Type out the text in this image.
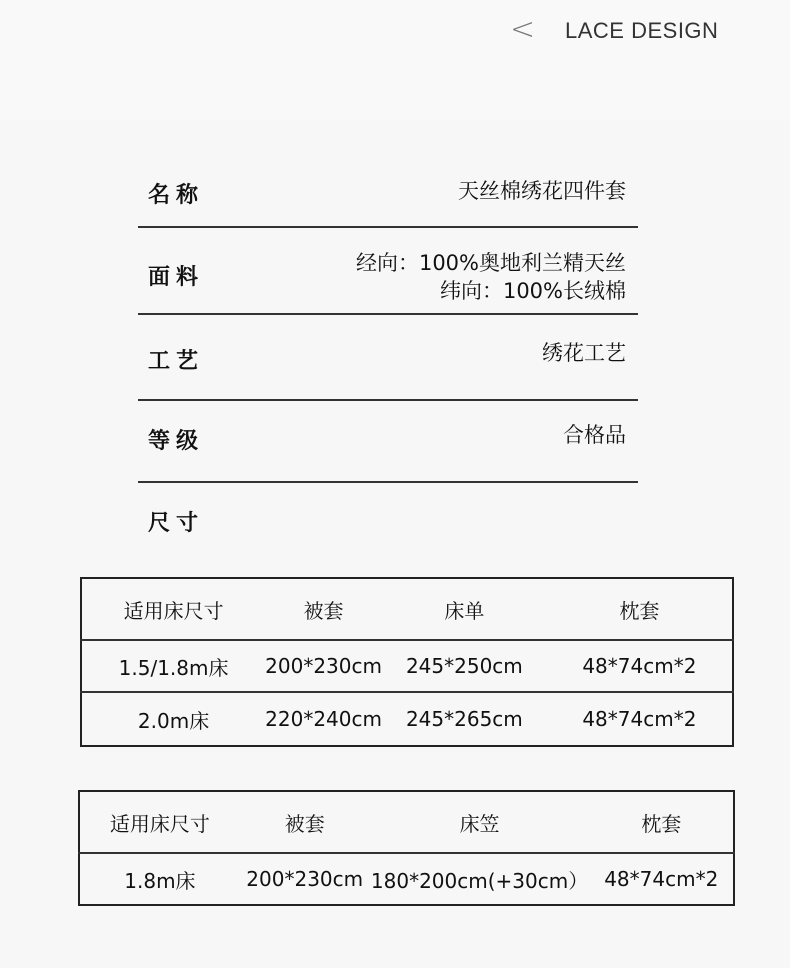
< LACE DESIGN
名称	天丝棉绣花四件套
面料
经向：100%奥地利兰精天丝
纬向：100%长绒棉
工艺	绣花工艺
等级	合格品
尺寸
适用床尺寸	被套	床单	枕套
1.5/1.8m床	200*230cm	245*250cm	48*74cm*2
2.0m床	220*240cm	245*265cm	48*74cm*2
适用床尺寸	被套	床笠	枕套
1.8m床	200*230cm	180*200cm(+30cm）	48*74cm*2
